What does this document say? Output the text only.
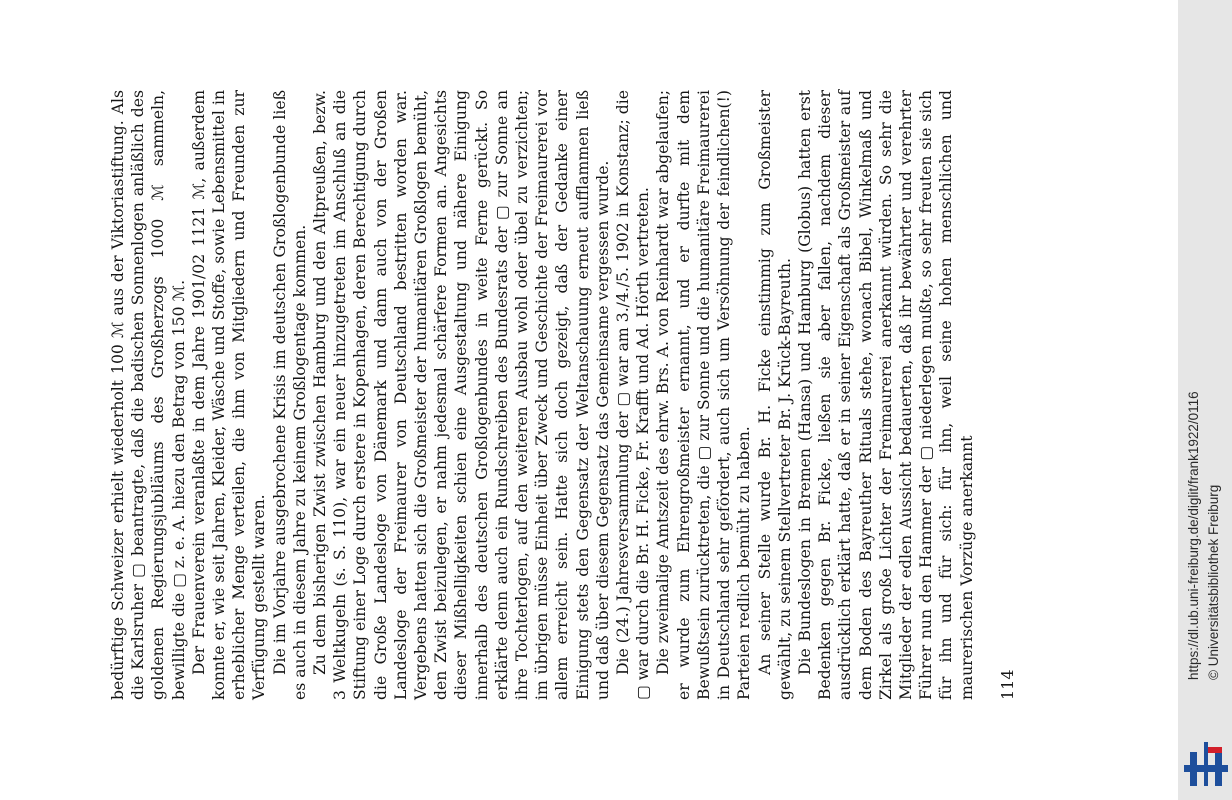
bedürftige Schweizer erhielt wiederholt 100 ℳ aus der Viktoriastiftung. Als die Karlsruher ▢ beantragte, daß die badischen Sonnenlogen anläßlich des goldenen Regierungsjubiläums des Großherzogs 1000 ℳ sammeln, bewilligte die ▢ z. e. A. hiezu den Betrag von 150 ℳ. Der Frauenverein veranlaßte in dem Jahre 1901/02 1121 ℳ, außerdem konnte er, wie seit Jahren, Kleider, Wäsche und Stoffe, sowie Lebensmittel in erheblicher Menge verteilen, die ihm von Mitgliedern und Freunden zur Verfügung gestellt waren. Die im Vorjahre ausgebrochene Krisis im deutschen Großlogenbunde ließ es auch in diesem Jahre zu keinem Großlogentage kommen. Zu dem bisherigen Zwist zwischen Hamburg und den Altpreußen, bezw. 3 Weltkugeln (s. S. 110), war ein neuer hinzugetreten im Anschluß an die Stiftung einer Loge durch erstere in Kopenhagen, deren Berechtigung durch die Große Landesloge von Dänemark und dann auch von der Großen Landesloge der Freimaurer von Deutschland bestritten worden war. Vergebens hatten sich die Großmeister der humanitären Großlogen bemüht, den Zwist beizulegen, er nahm jedesmal schärfere Formen an. Angesichts dieser Mißhelligkeiten schien eine Ausgestaltung und nähere Einigung innerhalb des deutschen Großlogenbundes in weite Ferne gerückt. So erklärte denn auch ein Rundschreiben des Bundesrats der ▢ zur Sonne an ihre Tochterlogen, auf den weiteren Ausbau wohl oder übel zu verzichten; im übrigen müsse Einheit über Zweck und Geschichte der Freimaurerei vor allem erreicht sein. Hatte sich doch gezeigt, daß der Gedanke einer Einigung stets den Gegensatz der Weltanschauung erneut aufflammen ließ und daß über diesem Gegensatz das Gemeinsame vergessen wurde. Die (24.) Jahresversammlung der ▢ war am 3./4./5. 1902 in Konstanz; die ▢ war durch die Br. H. Ficke, Fr. Krafft und Ad. Hörth vertreten. Die zweimalige Amtszeit des ehrw. Brs. A. von Reinhardt war abgelaufen; er wurde zum Ehrengroßmeister ernannt, und er durfte mit dem Bewußtsein zurücktreten, die ▢ zur Sonne und die humanitäre Freimaurerei in Deutschland sehr gefördert, auch sich um Versöhnung der feindlichen(!) Parteien redlich bemüht zu haben. An seiner Stelle wurde Br. H. Ficke einstimmig zum Großmeister gewählt, zu seinem Stellvertreter Br. J. Krück-Bayreuth. Die Bundeslogen in Bremen (Hansa) und Hamburg (Globus) hatten erst Bedenken gegen Br. Ficke, ließen sie aber fallen, nachdem dieser ausdrücklich erklärt hatte, daß er in seiner Eigenschaft als Großmeister auf dem Boden des Bayreuther Rituals stehe, wonach Bibel, Winkelmaß und Zirkel als große Lichter der Freimaurerei anerkannt würden. So sehr die Mitglieder der edlen Aussicht bedauerten, daß ihr bewährter und verehrter Führer nun den Hammer der ▢ niederlegen mußte, so sehr freuten sie sich für ihn und für sich: für ihn, weil seine hohen menschlichen und maurerischen Vorzüge anerkannt 114
https://dl.ub.uni-freiburg.de/diglit/frank1922/0116 © Universitätsbibliothek Freiburg
